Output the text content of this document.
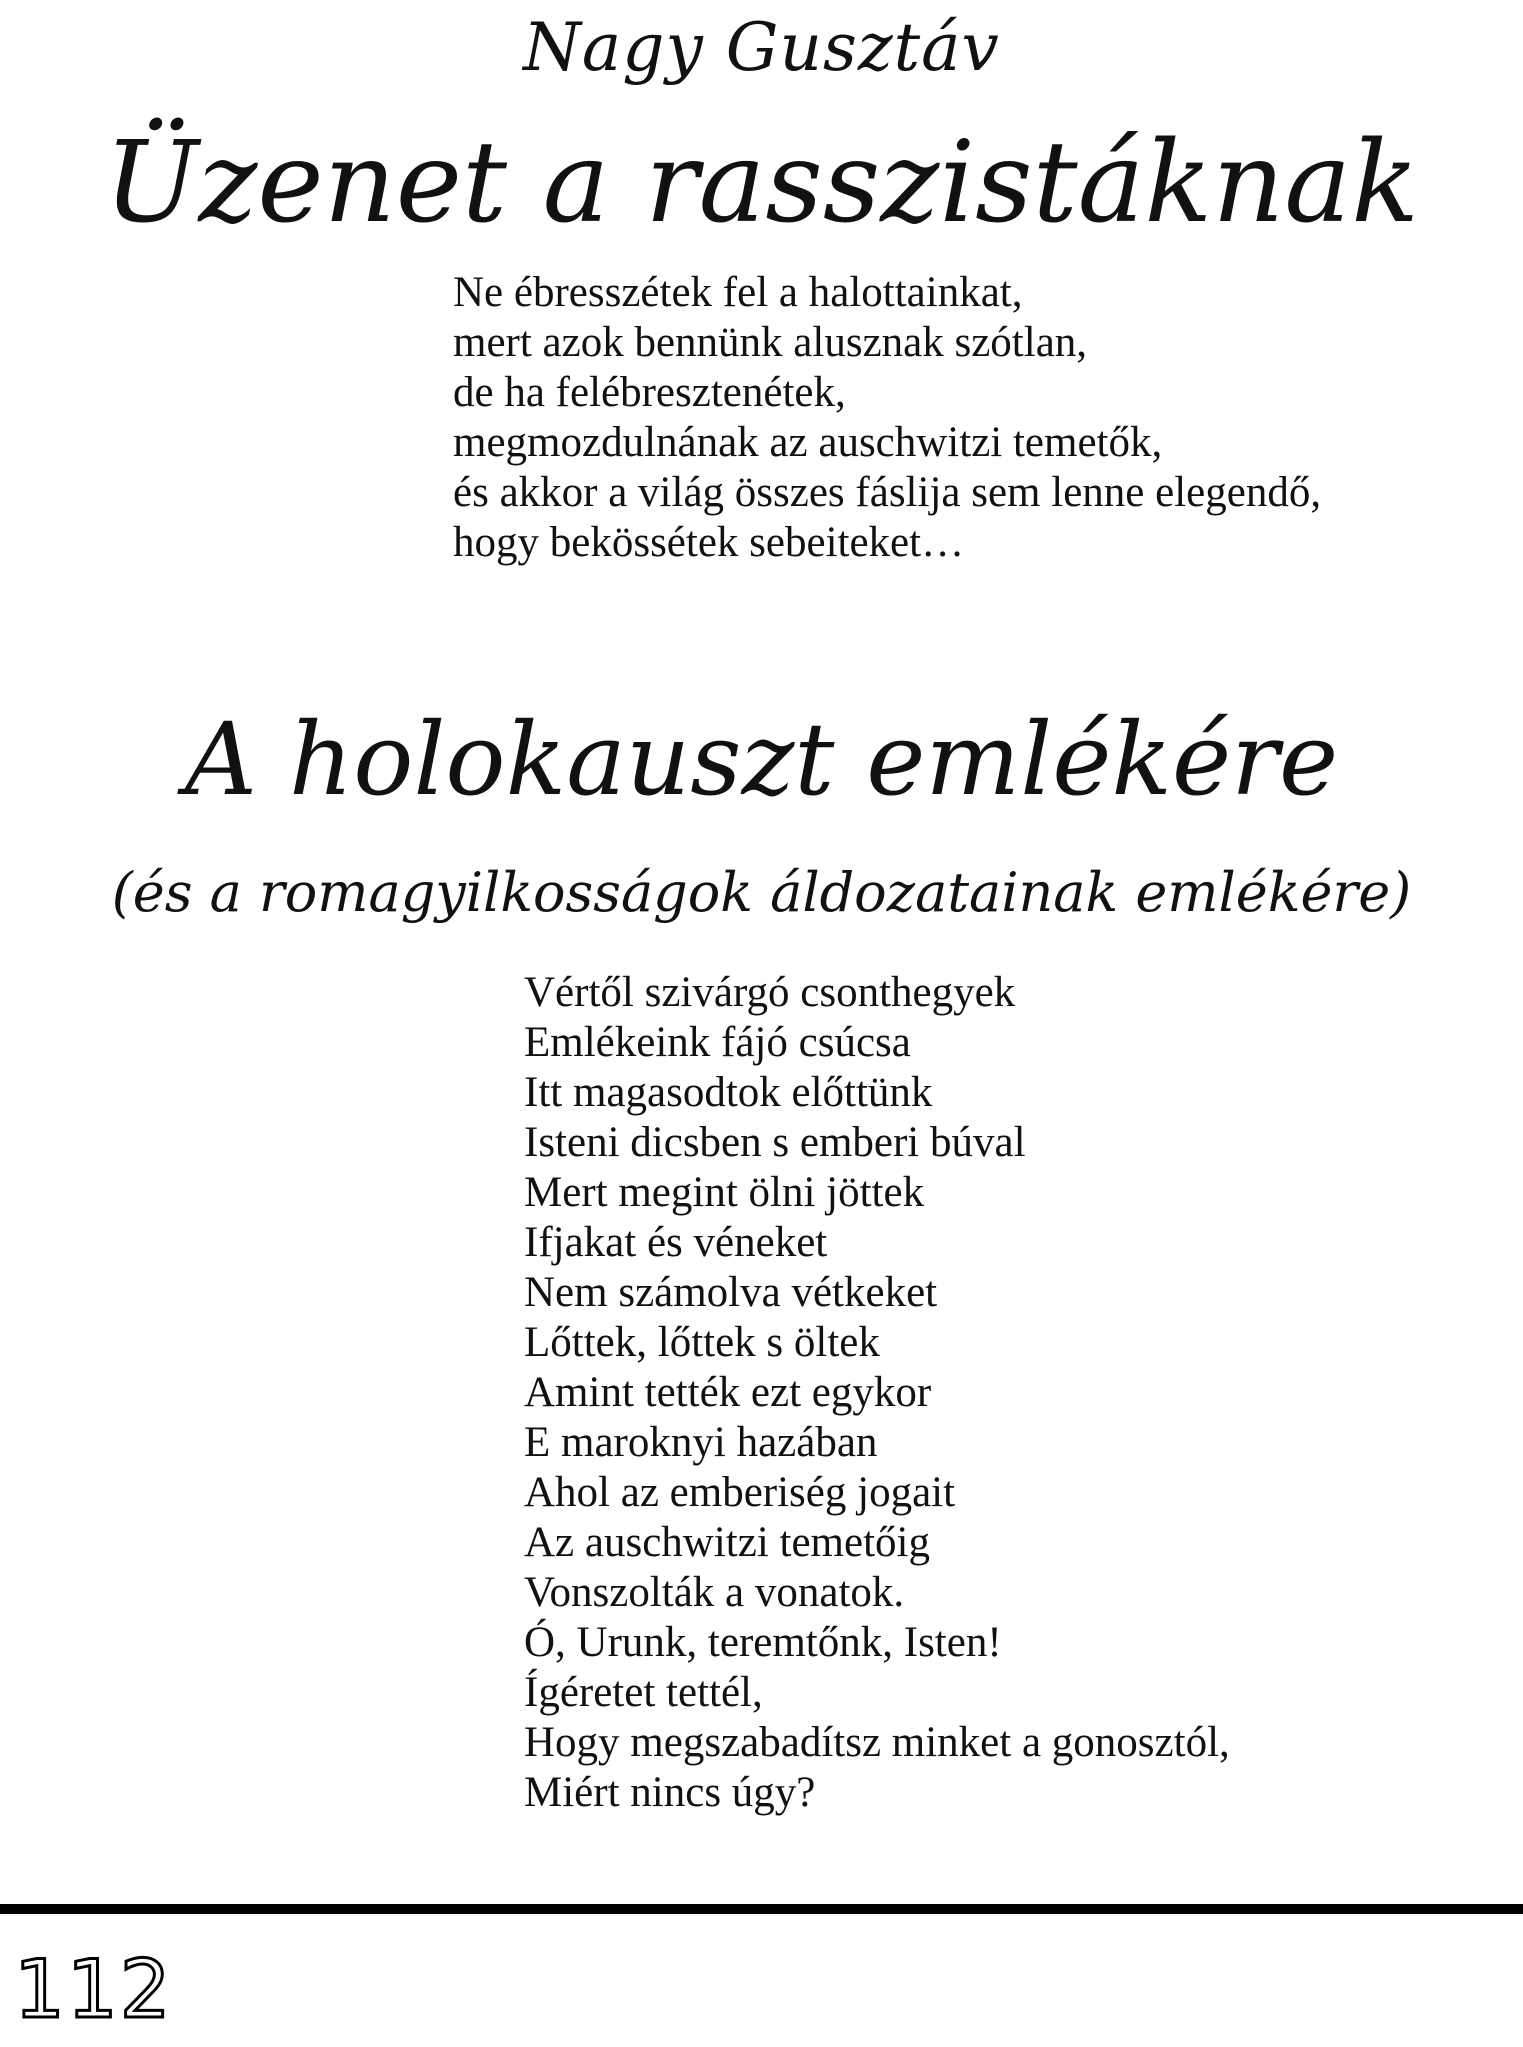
Nagy Gusztáv
Üzenet a rasszistáknak
Ne ébresszétek fel a halottainkat,
mert azok bennünk alusznak szótlan,
de ha felébresztenétek,
megmozdulnának az auschwitzi temetők,
és akkor a világ összes fáslija sem lenne elegendő,
hogy bekössétek sebeiteket…
A holokauszt emlékére
(és a romagyilkosságok áldozatainak emlékére)
Vértől szivárgó csonthegyek
Emlékeink fájó csúcsa
Itt magasodtok előttünk
Isteni dicsben s emberi búval
Mert megint ölni jöttek
Ifjakat és véneket
Nem számolva vétkeket
Lőttek, lőttek s öltek
Amint tették ezt egykor
E maroknyi hazában
Ahol az emberiség jogait
Az auschwitzi temetőig
Vonszolták a vonatok.
Ó, Urunk, teremtőnk, Isten!
Ígéretet tettél,
Hogy megszabadítsz minket a gonosztól,
Miért nincs úgy?
112
